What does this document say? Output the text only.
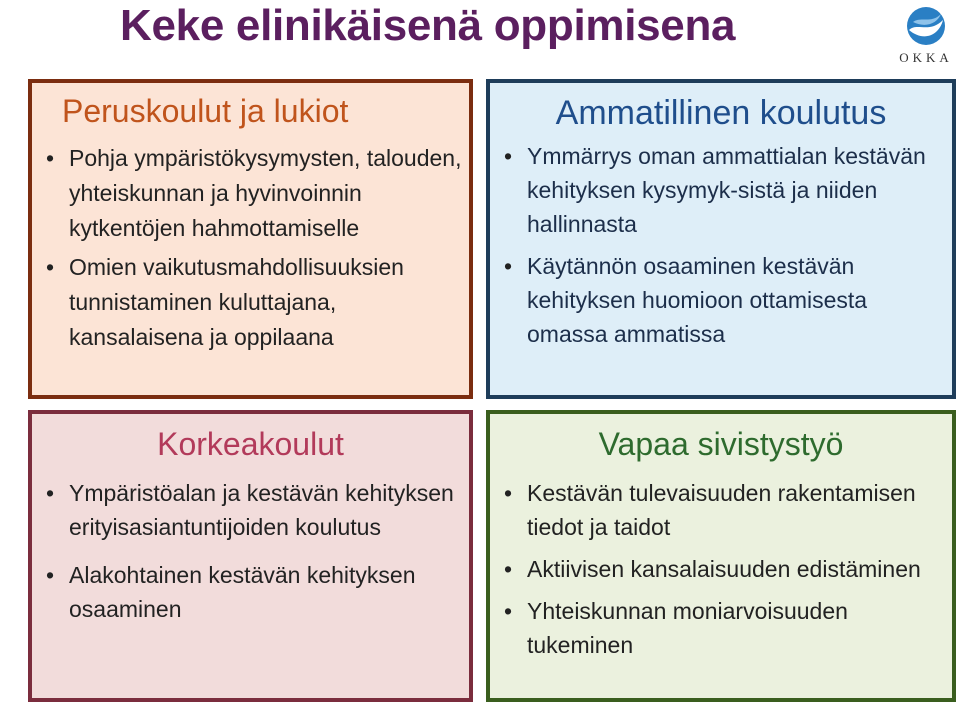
Keke elinikäisenä oppimisena
OKKA
Peruskoulut ja lukiot
• Pohja ympäristökysymysten, talouden, yhteiskunnan ja hyvinvoinnin kytkentöjen hahmottamiselle
• Omien vaikutusmahdollisuuksien tunnistaminen kuluttajana, kansalaisena ja oppilaana
Ammatillinen koulutus
• Ymmärrys oman ammattialan kestävän kehityksen kysymyk-sistä ja niiden hallinnasta
• Käytännön osaaminen kestävän kehityksen huomioon ottamisesta omassa ammatissa
Korkeakoulut
• Ympäristöalan ja kestävän kehityksen erityisasiantuntijoiden koulutus
• Alakohtainen kestävän kehityksen osaaminen
Vapaa sivistystyö
• Kestävän tulevaisuuden rakentamisen tiedot ja taidot
• Aktiivisen kansalaisuuden edistäminen
• Yhteiskunnan moniarvoisuuden tukeminen
